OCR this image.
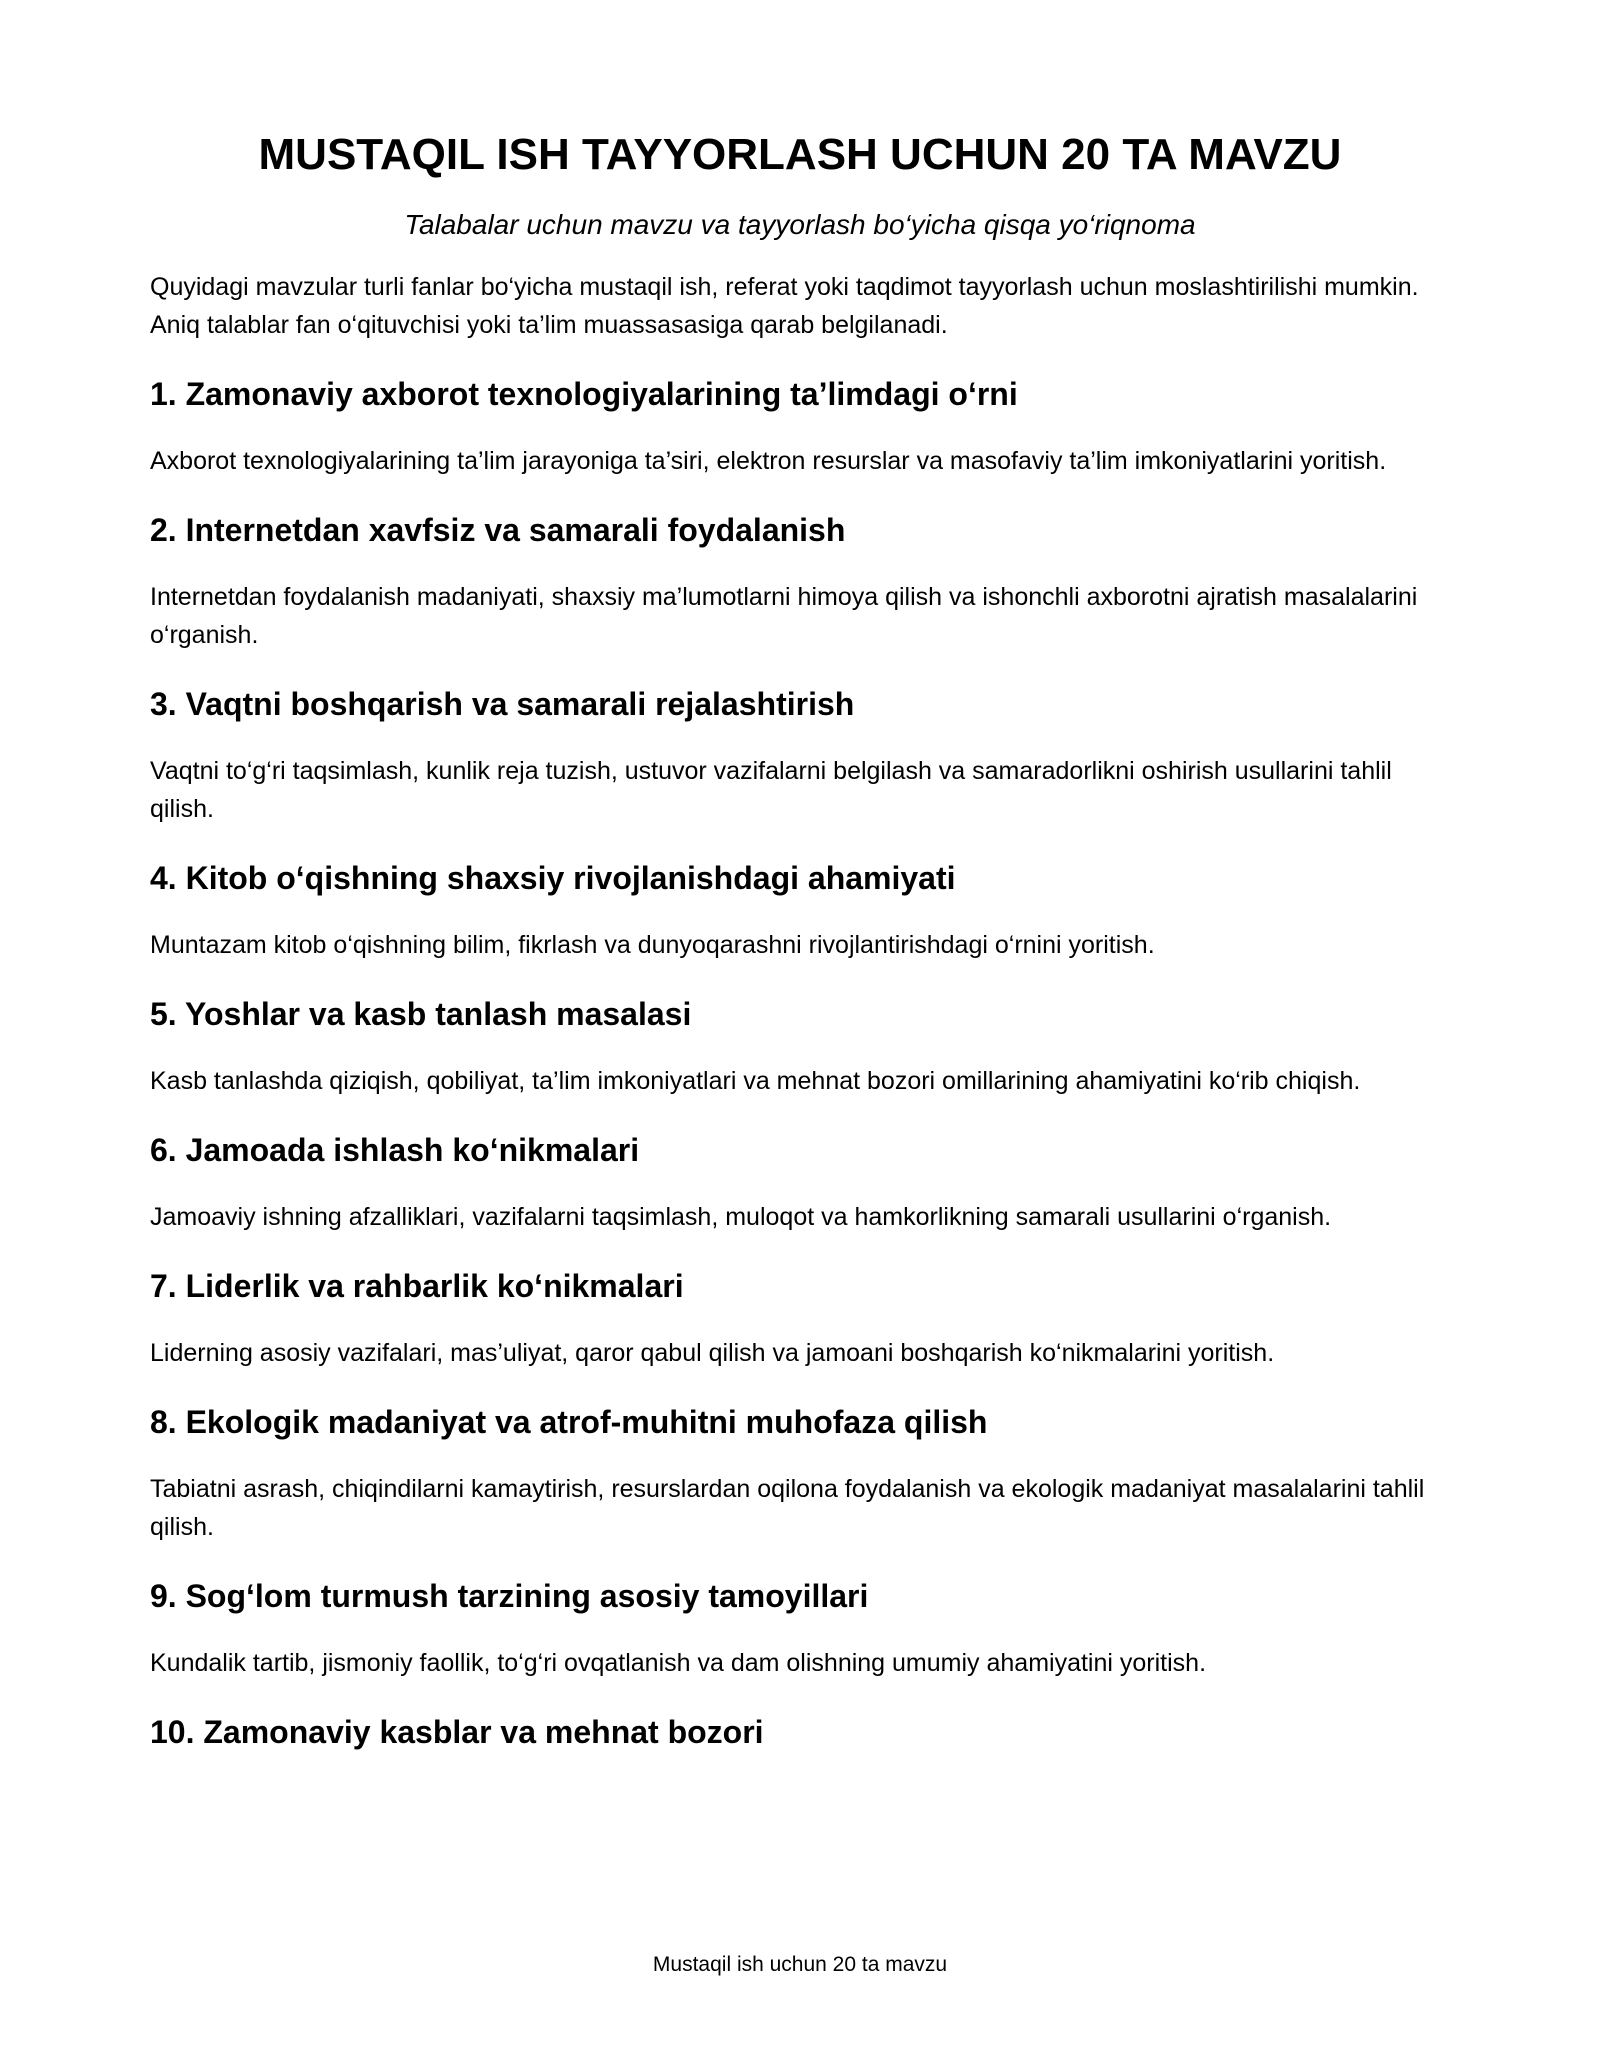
MUSTAQIL ISH TAYYORLASH UCHUN 20 TA MAVZU

Talabalar uchun mavzu va tayyorlash bo‘yicha qisqa yo‘riqnoma

Quyidagi mavzular turli fanlar bo‘yicha mustaqil ish, referat yoki taqdimot tayyorlash uchun moslashtirilishi mumkin. Aniq talablar fan o‘qituvchisi yoki ta’lim muassasasiga qarab belgilanadi.

1. Zamonaviy axborot texnologiyalarining ta’limdagi o‘rni

Axborot texnologiyalarining ta’lim jarayoniga ta’siri, elektron resurslar va masofaviy ta’lim imkoniyatlarini yoritish.

2. Internetdan xavfsiz va samarali foydalanish

Internetdan foydalanish madaniyati, shaxsiy ma’lumotlarni himoya qilish va ishonchli axborotni ajratish masalalarini o‘rganish.

3. Vaqtni boshqarish va samarali rejalashtirish

Vaqtni to‘g‘ri taqsimlash, kunlik reja tuzish, ustuvor vazifalarni belgilash va samaradorlikni oshirish usullarini tahlil qilish.

4. Kitob o‘qishning shaxsiy rivojlanishdagi ahamiyati

Muntazam kitob o‘qishning bilim, fikrlash va dunyoqarashni rivojlantirishdagi o‘rnini yoritish.

5. Yoshlar va kasb tanlash masalasi

Kasb tanlashda qiziqish, qobiliyat, ta’lim imkoniyatlari va mehnat bozori omillarining ahamiyatini ko‘rib chiqish.

6. Jamoada ishlash ko‘nikmalari

Jamoaviy ishning afzalliklari, vazifalarni taqsimlash, muloqot va hamkorlikning samarali usullarini o‘rganish.

7. Liderlik va rahbarlik ko‘nikmalari

Liderning asosiy vazifalari, mas’uliyat, qaror qabul qilish va jamoani boshqarish ko‘nikmalarini yoritish.

8. Ekologik madaniyat va atrof-muhitni muhofaza qilish

Tabiatni asrash, chiqindilarni kamaytirish, resurslardan oqilona foydalanish va ekologik madaniyat masalalarini tahlil qilish.

9. Sog‘lom turmush tarzining asosiy tamoyillari

Kundalik tartib, jismoniy faollik, to‘g‘ri ovqatlanish va dam olishning umumiy ahamiyatini yoritish.

10. Zamonaviy kasblar va mehnat bozori
Mustaqil ish uchun 20 ta mavzu
